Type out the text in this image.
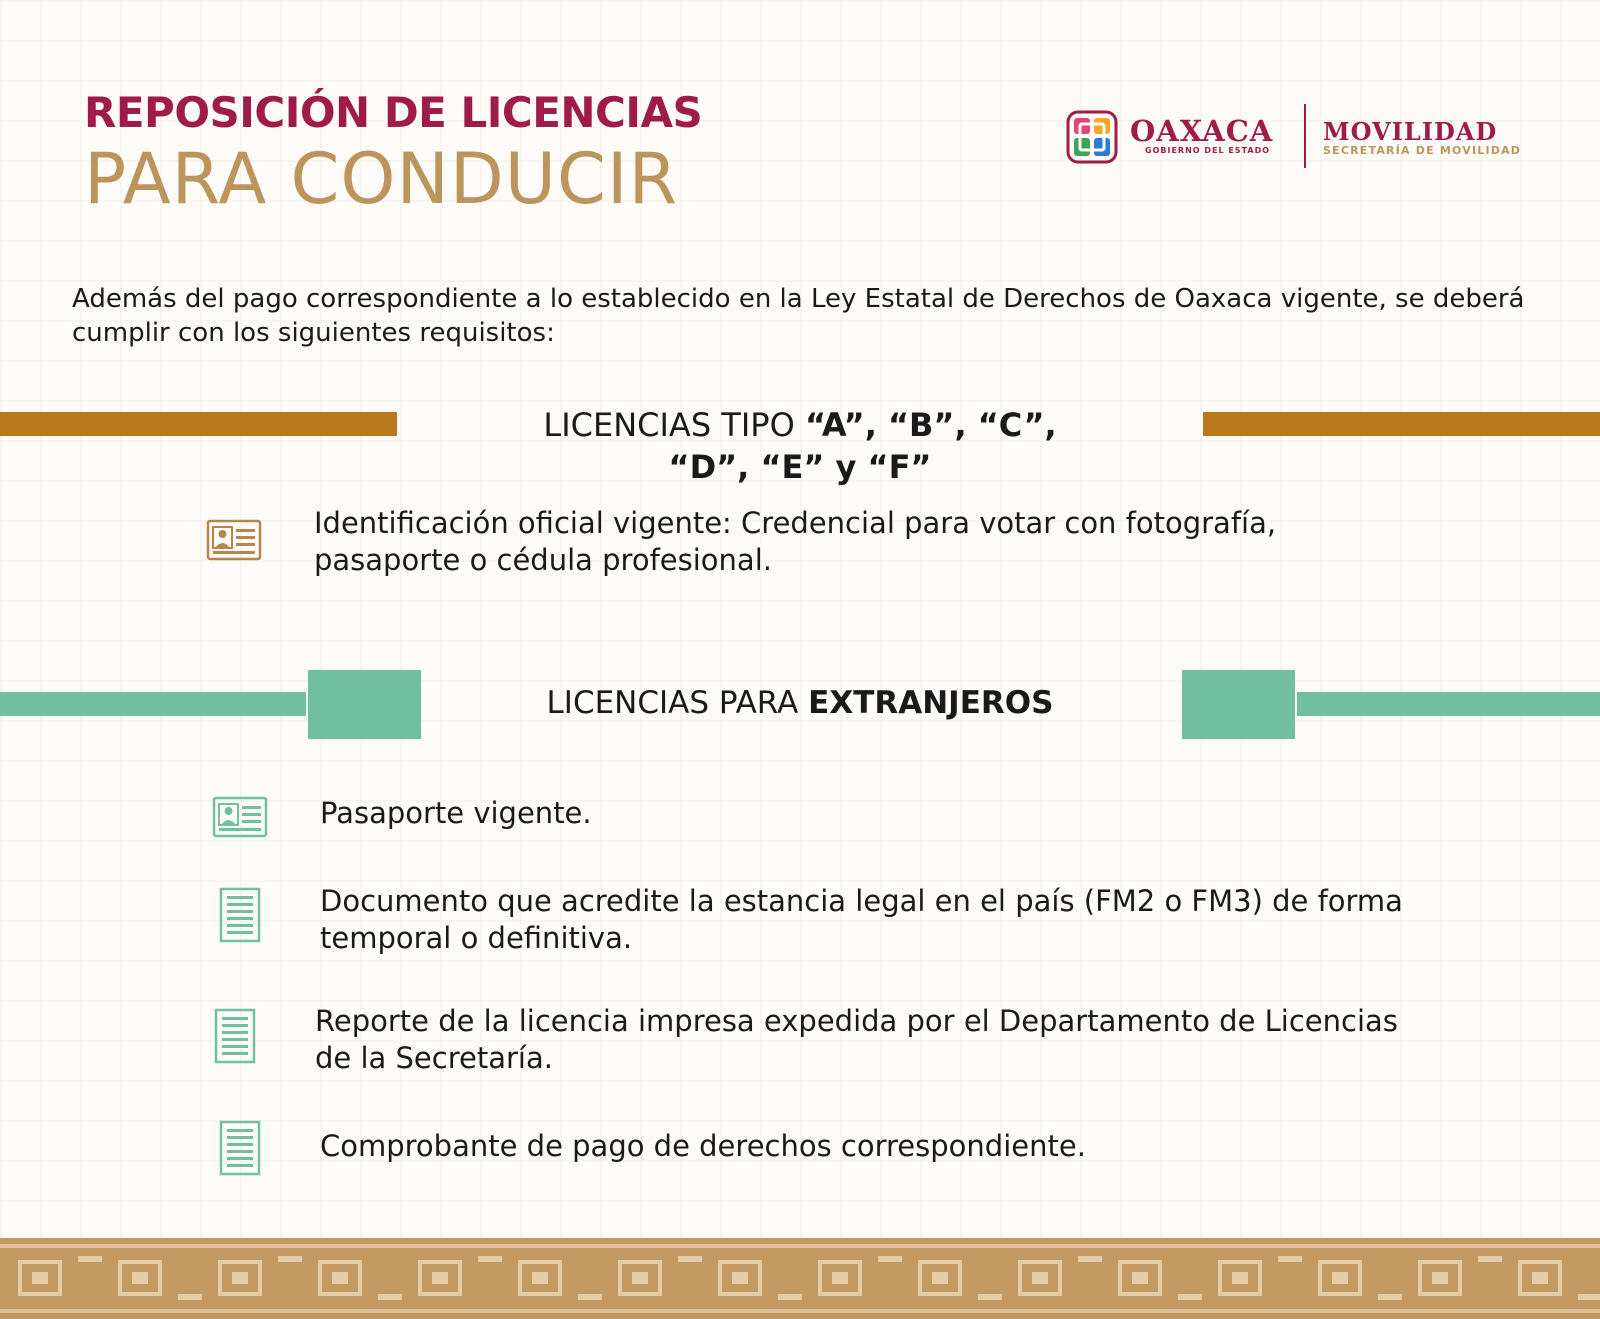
REPOSICIÓN DE LICENCIAS
PARA CONDUCIR
OAXACA
GOBIERNO DEL ESTADO
MOVILIDAD
SECRETARÍA DE MOVILIDAD
Además del pago correspondiente a lo establecido en la Ley Estatal de Derechos de Oaxaca vigente, se deberá cumplir con los siguientes requisitos:
LICENCIAS TIPO “A”, “B”, “C”,
“D”, “E” y “F”
Identificación oficial vigente: Credencial para votar con fotografía, pasaporte o cédula profesional.
LICENCIAS PARA EXTRANJEROS
Pasaporte vigente.
Documento que acredite la estancia legal en el país (FM2 o FM3) de forma temporal o definitiva.
Reporte de la licencia impresa expedida por el Departamento de Licencias de la Secretaría.
Comprobante de pago de derechos correspondiente.
